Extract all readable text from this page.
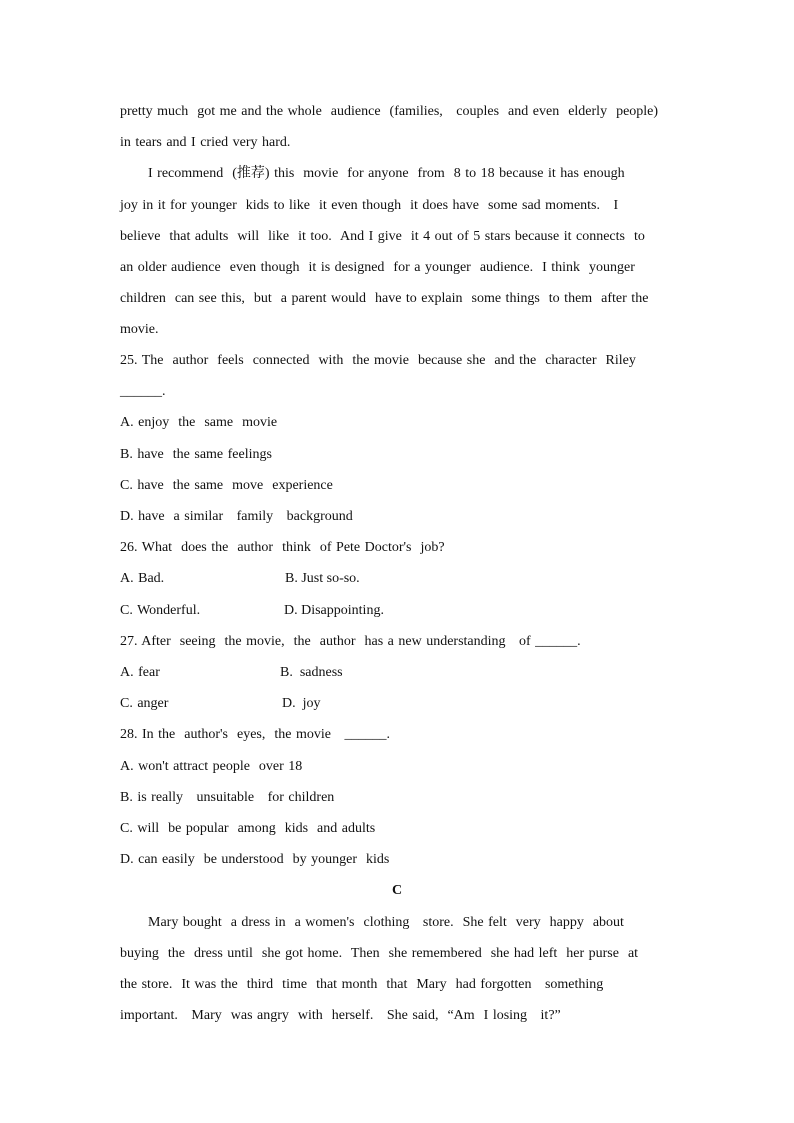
pretty much  got me and the whole  audience  (families,   couples  and even  elderly  people)
in tears and I cried very hard.
I recommend  (推荐) this  movie  for anyone  from  8 to 18 because it has enough
joy in it for younger  kids to like  it even though  it does have  some sad moments.   I
believe  that adults  will  like  it too.  And I give  it 4 out of 5 stars because it connects  to
an older audience  even though  it is designed  for a younger  audience.  I think  younger
children  can see this,  but  a parent would  have to explain  some things  to them  after the
movie.
25. The  author  feels  connected  with  the movie  because she  and the  character  Riley
______.
A. enjoy  the  same  movie
B. have  the same feelings
C. have  the same  move  experience
D. have  a similar   family   background
26. What  does the  author  think  of Pete Doctor's  job?
A. Bad.	B. Just so-so.
C. Wonderful.	D. Disappointing.
27. After  seeing  the movie,  the  author  has a new understanding   of ______.
A. fear	B.  sadness
C. anger	D.  joy
28. In the  author's  eyes,  the movie   ______.
A. won't attract people  over 18
B. is really   unsuitable   for children
C. will  be popular  among  kids  and adults
D. can easily  be understood  by younger  kids
C
Mary bought  a dress in  a women's  clothing   store.  She felt  very  happy  about
buying  the  dress until  she got home.  Then  she remembered  she had left  her purse  at
the store.  It was the  third  time  that month  that  Mary  had forgotten   something
important.   Mary  was angry  with  herself.   She said,  “Am  I losing   it?”
